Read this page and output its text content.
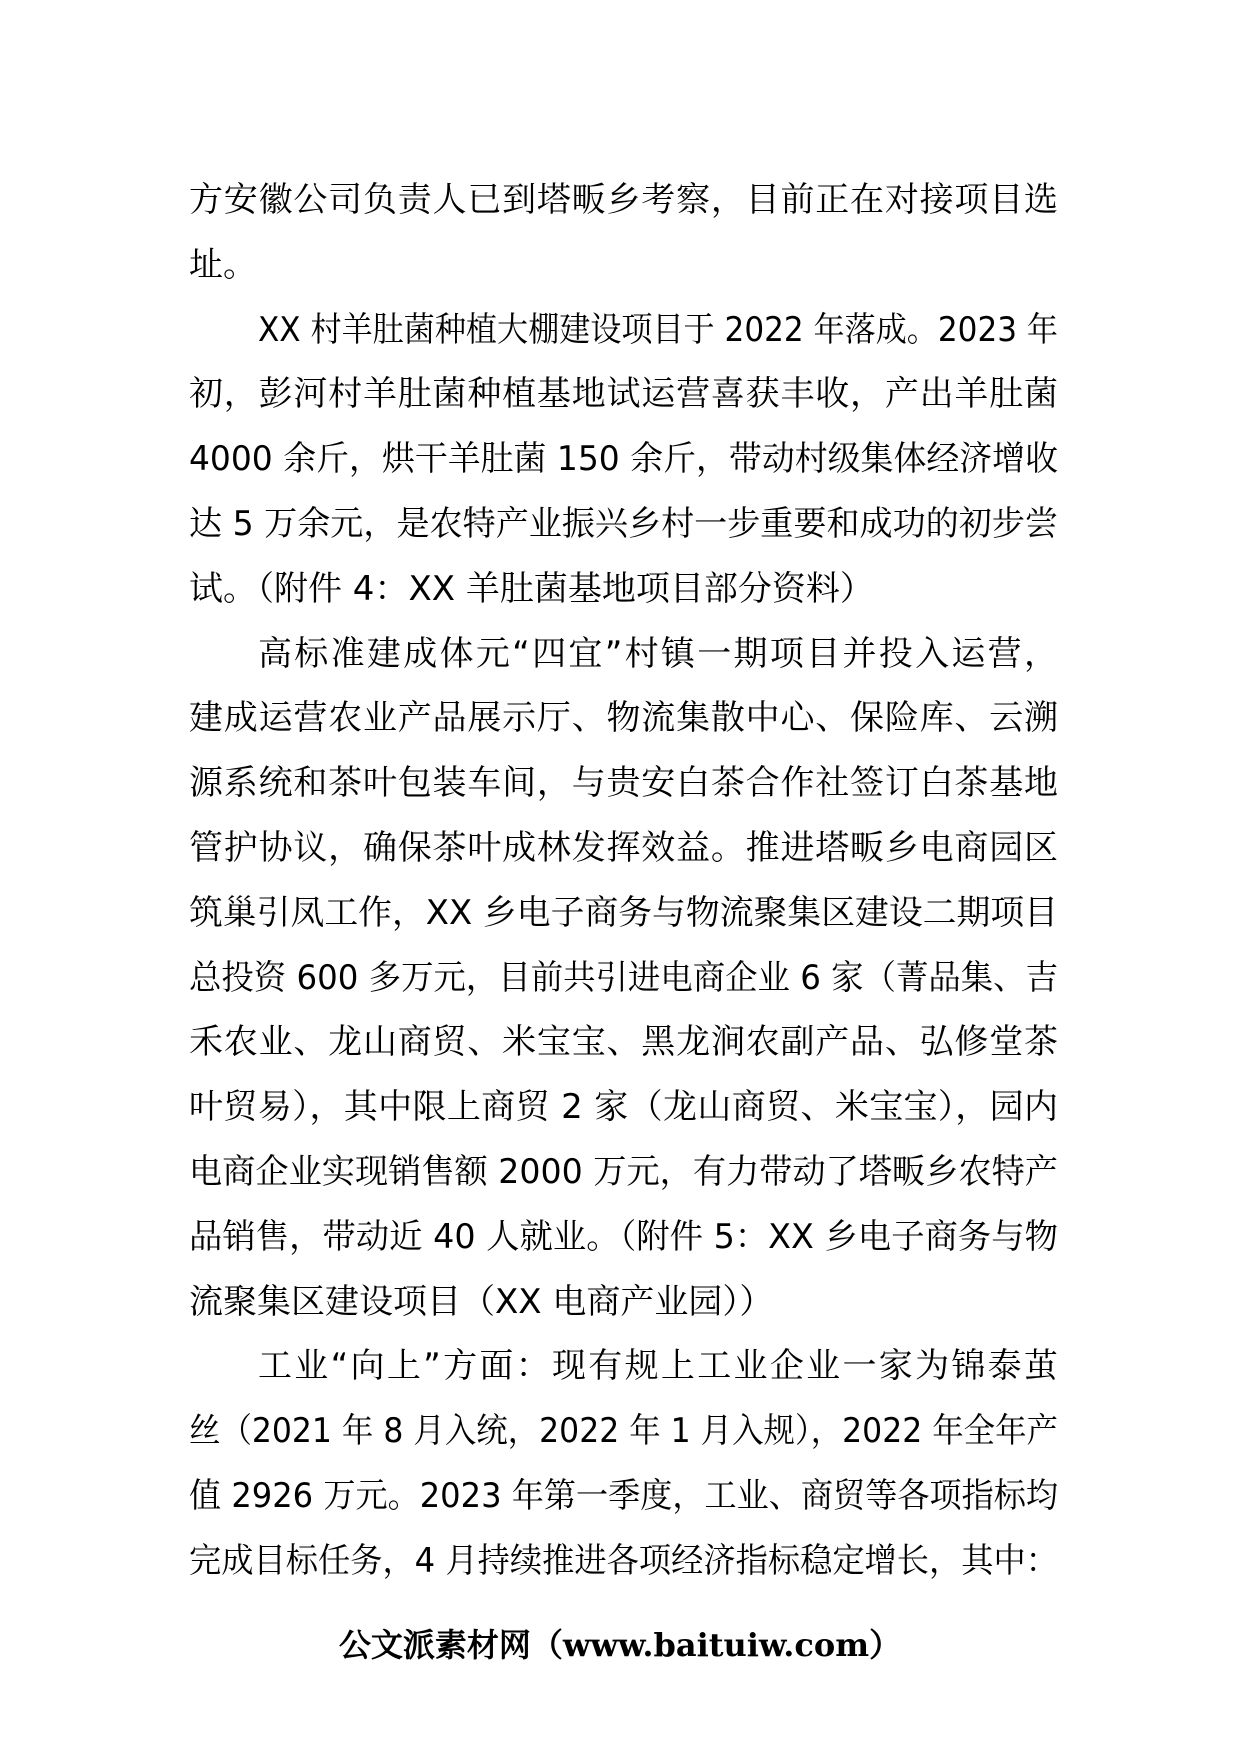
方安徽公司负责人已到塔畈乡考察，目前正在对接项目选
址。
XX 村羊肚菌种植大棚建设项目于 2022 年落成。2023 年
初，彭河村羊肚菌种植基地试运营喜获丰收，产出羊肚菌
4000 余斤，烘干羊肚菌 150 余斤，带动村级集体经济增收
达 5 万余元，是农特产业振兴乡村一步重要和成功的初步尝
试。（附件 4：XX 羊肚菌基地项目部分资料）
高标准建成体元“四宜”村镇一期项目并投入运营，
建成运营农业产品展示厅、物流集散中心、保险库、云溯
源系统和茶叶包装车间，与贵安白茶合作社签订白茶基地
管护协议，确保茶叶成林发挥效益。推进塔畈乡电商园区
筑巢引凤工作，XX 乡电子商务与物流聚集区建设二期项目
总投资 600 多万元，目前共引进电商企业 6 家（菁品集、吉
禾农业、龙山商贸、米宝宝、黑龙涧农副产品、弘修堂茶
叶贸易），其中限上商贸 2 家（龙山商贸、米宝宝），园内
电商企业实现销售额 2000 万元，有力带动了塔畈乡农特产
品销售，带动近 40 人就业。（附件 5：XX 乡电子商务与物
流聚集区建设项目（XX 电商产业园））
工业“向上”方面：现有规上工业企业一家为锦泰茧
丝（2021 年 8 月入统，2022 年 1 月入规），2022 年全年产
值 2926 万元。2023 年第一季度，工业、商贸等各项指标均
完成目标任务，4 月持续推进各项经济指标稳定增长，其中：
公文派素材网（www.baituiw.com）
